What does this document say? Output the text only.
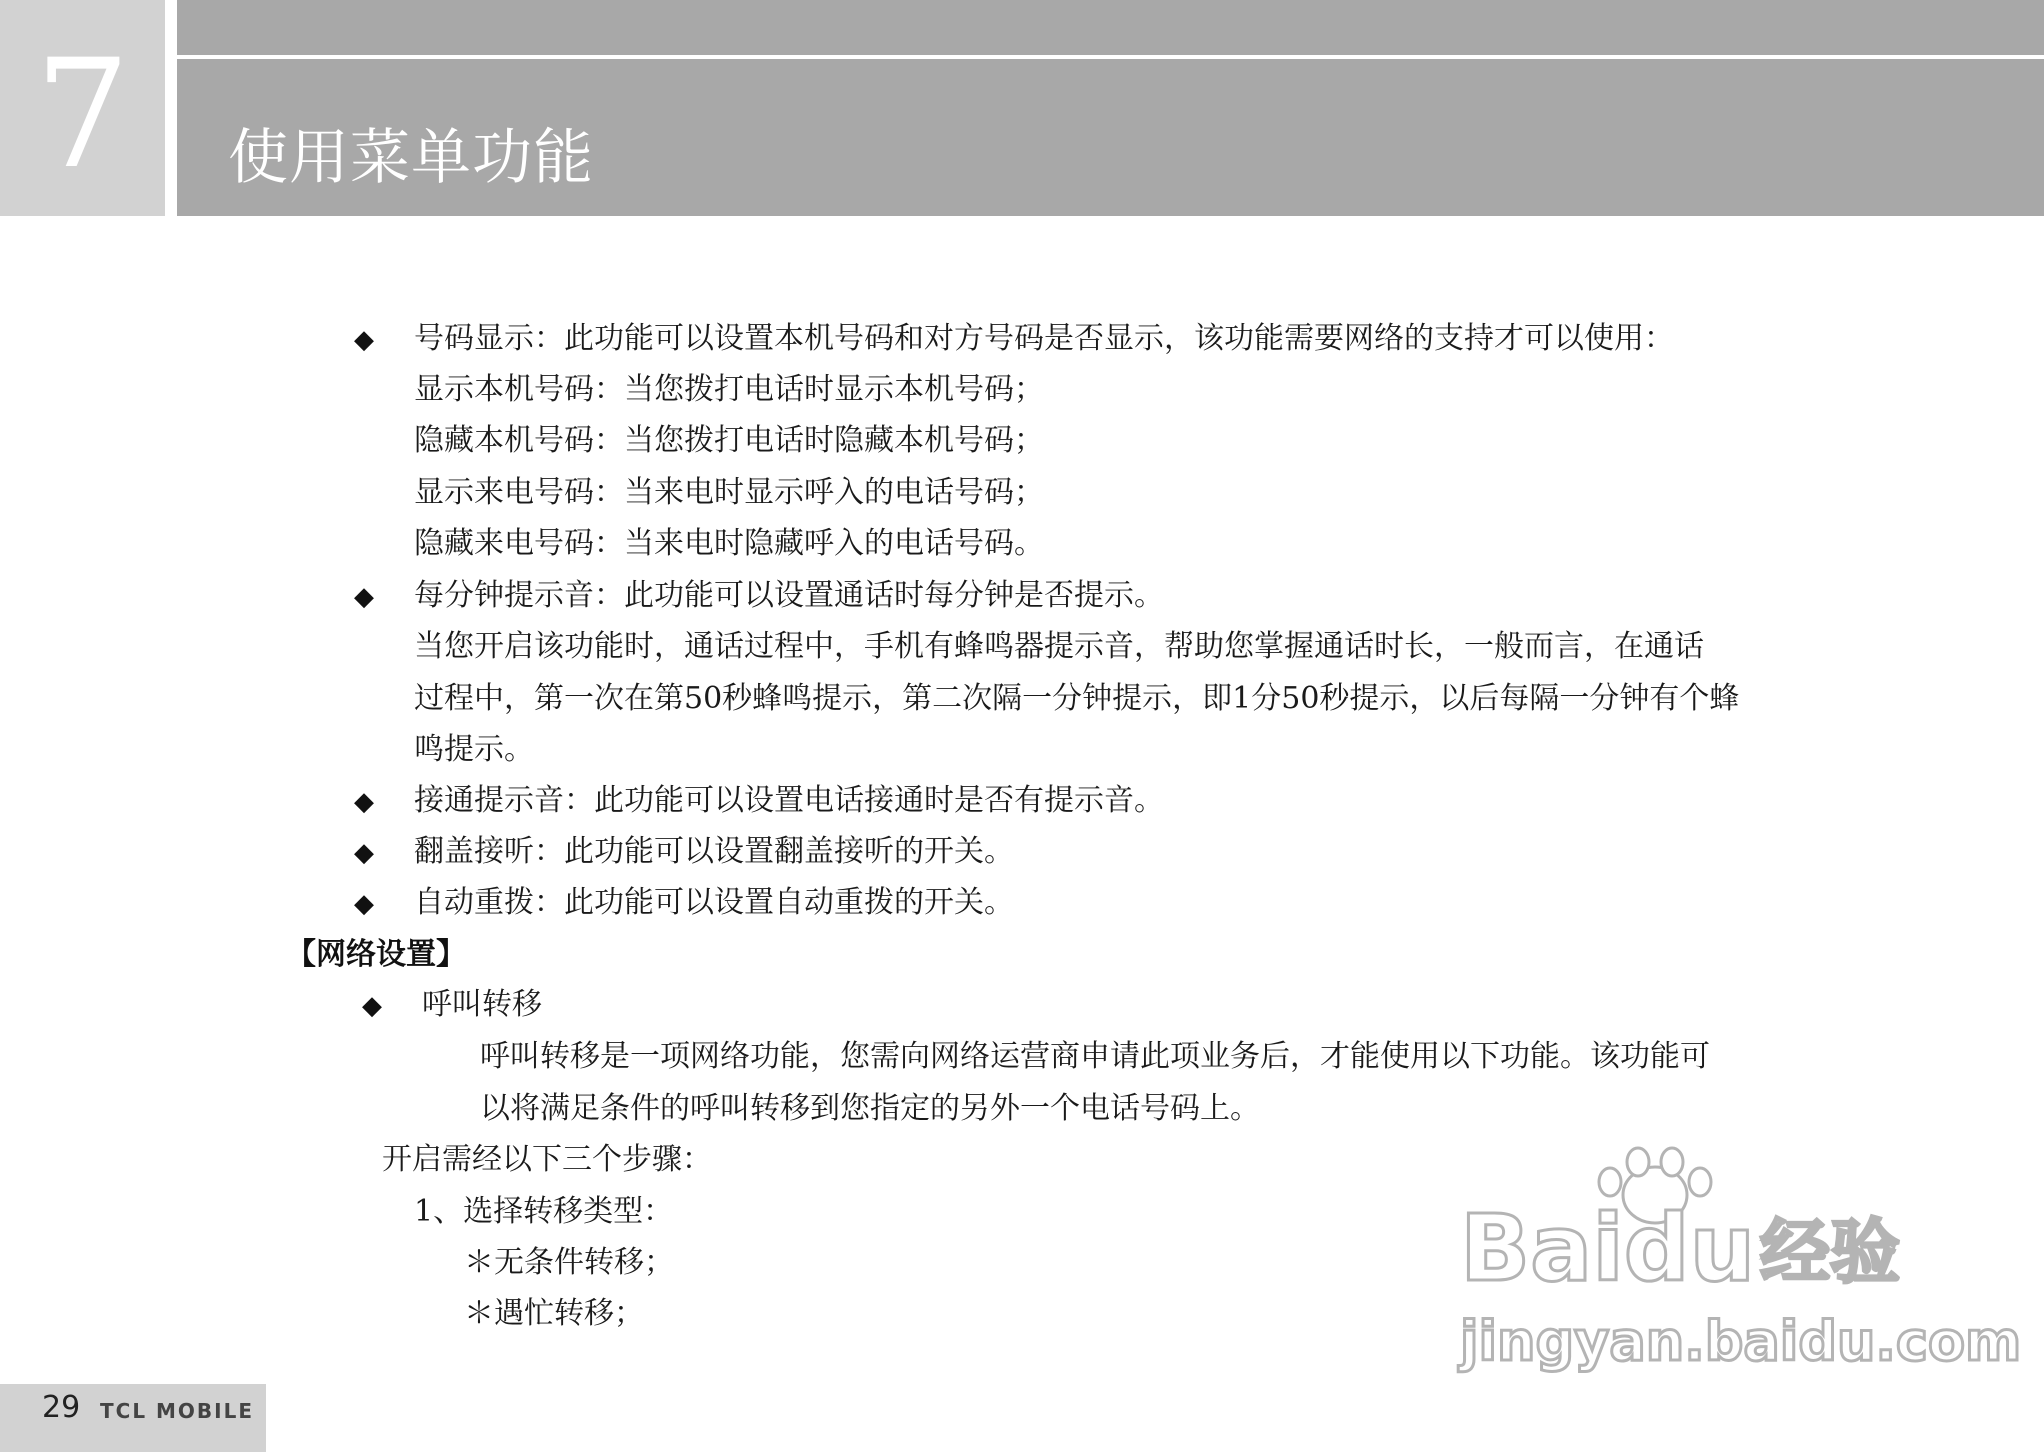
7	使用菜单功能
◆ 号码显示：此功能可以设置本机号码和对方号码是否显示，该功能需要网络的支持才可以使用：
显示本机号码：当您拨打电话时显示本机号码；
隐藏本机号码：当您拨打电话时隐藏本机号码；
显示来电号码：当来电时显示呼入的电话号码；
隐藏来电号码：当来电时隐藏呼入的电话号码。
◆ 每分钟提示音：此功能可以设置通话时每分钟是否提示。
当您开启该功能时，通话过程中，手机有蜂鸣器提示音，帮助您掌握通话时长，一般而言，在通话
过程中，第一次在第50秒蜂鸣提示，第二次隔一分钟提示，即1分50秒提示，以后每隔一分钟有个蜂
鸣提示。
◆ 接通提示音：此功能可以设置电话接通时是否有提示音。
◆ 翻盖接听：此功能可以设置翻盖接听的开关。
◆ 自动重拨：此功能可以设置自动重拨的开关。
【网络设置】
◆ 呼叫转移
呼叫转移是一项网络功能，您需向网络运营商申请此项业务后，才能使用以下功能。该功能可
以将满足条件的呼叫转移到您指定的另外一个电话号码上。
开启需经以下三个步骤：
1、选择转移类型：
＊无条件转移；
＊遇忙转移；
Baidu 经验
jingyan.baidu.com
29 TCL MOBILE
